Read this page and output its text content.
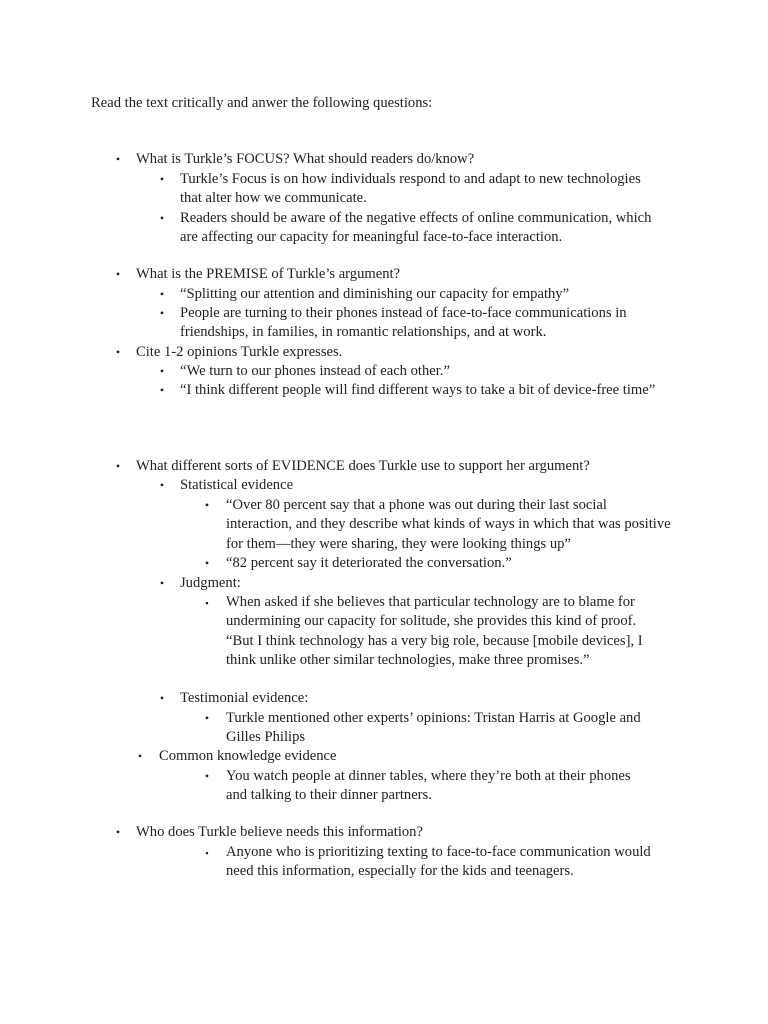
Read the text critically and anwer the following questions:
• What is Turkle’s FOCUS? What should readers do/know?
• Turkle’s Focus is on how individuals respond to and adapt to new technologies that alter how we communicate.
• Readers should be aware of the negative effects of online communication, which are affecting our capacity for meaningful face-to-face interaction.
• What is the PREMISE of Turkle’s argument?
• “Splitting our attention and diminishing our capacity for empathy”
• People are turning to their phones instead of face-to-face communications in friendships, in families, in romantic relationships, and at work.
• Cite 1-2 opinions Turkle expresses.
• “We turn to our phones instead of each other.”
• “I think different people will find different ways to take a bit of device-free time”
• What different sorts of EVIDENCE does Turkle use to support her argument?
• Statistical evidence
• “Over 80 percent say that a phone was out during their last social interaction, and they describe what kinds of ways in which that was positive for them—they were sharing, they were looking things up”
• “82 percent say it deteriorated the conversation.”
• Judgment:
▪	When asked if she believes that particular technology are to blame for undermining our capacity for solitude, she provides this kind of proof. “But I think technology has a very big role, because [mobile devices], I think unlike other similar technologies, make three promises.”
• Testimonial evidence:
• Turkle mentioned other experts’ opinions: Tristan Harris at Google and Gilles Philips
• Common knowledge evidence
• You watch people at dinner tables, where they’re both at their phones and talking to their dinner partners.
• Who does Turkle believe needs this information?
▪	Anyone who is prioritizing texting to face-to-face communication would need this information, especially for the kids and teenagers.
